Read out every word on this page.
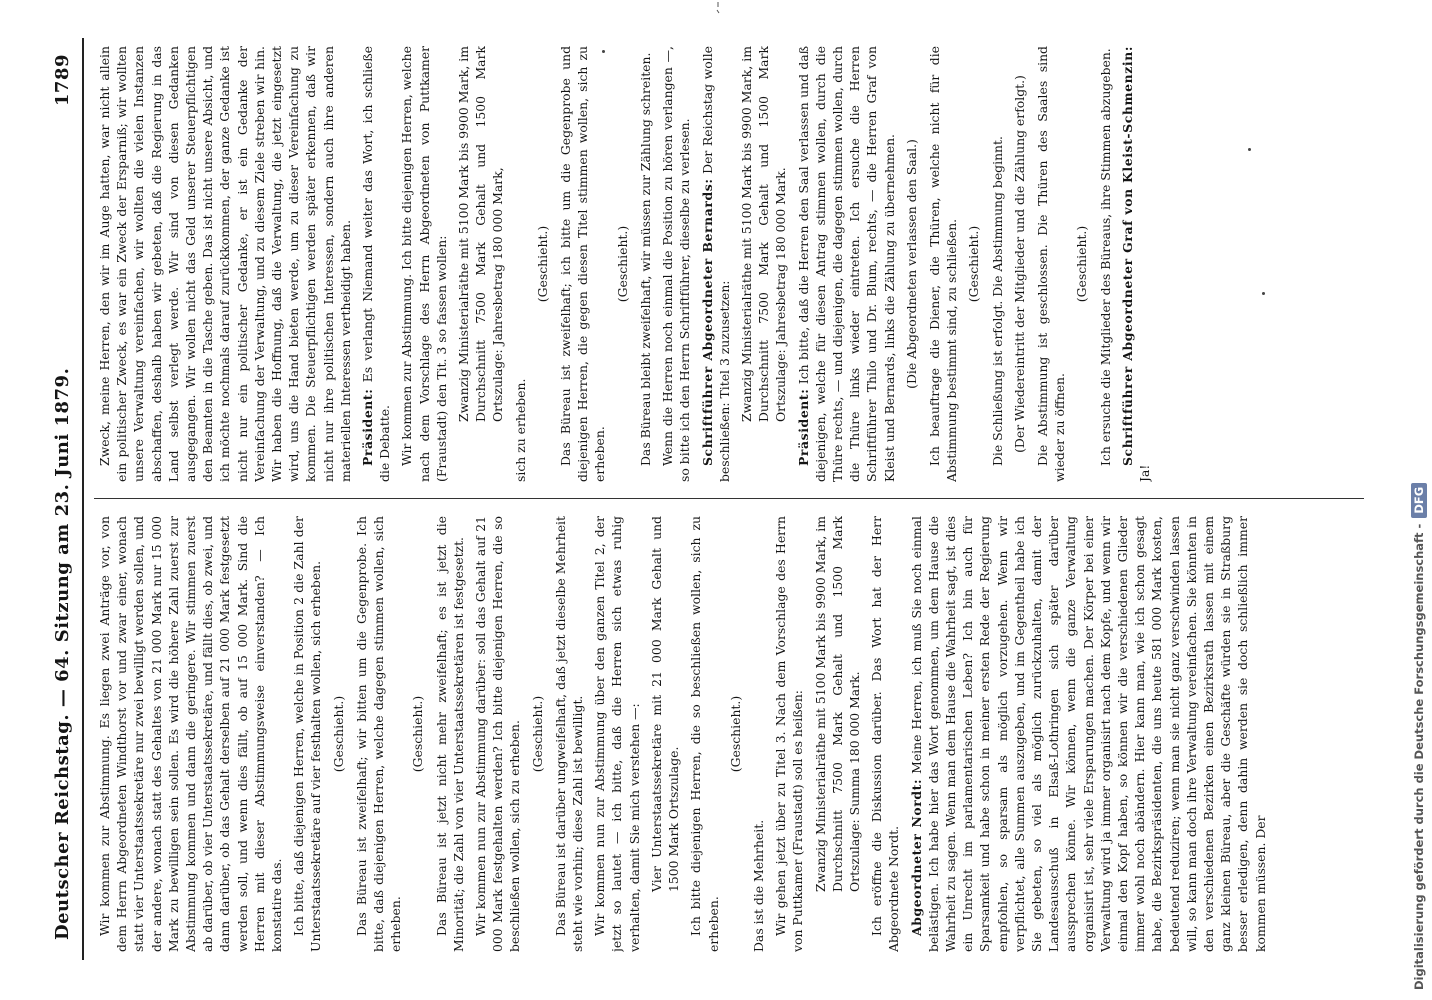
Deutscher Reichstag. — 64. Sitzung am 23. Juni 1879.
1789

Wir kommen zur Abstimmung. Es liegen zwei Anträge vor, von dem Herrn Abgeordneten Windthorst vor und zwar einer, wonach statt vier Unterstaatssekretäre nur zwei bewilligt werden sollen, und der andere, wonach statt des Gehaltes von 21 000 Mark nur 15 000 Mark zu bewilligen sein sollen. Es wird die höhere Zahl zuerst zur Abstimmung kommen und dann die geringere. Wir stimmen zuerst ab darüber, ob vier Unterstaatssekretäre, und fällt dies, ob zwei, und dann darüber, ob das Gehalt derselben auf 21 000 Mark festgesetzt werden soll, und wenn dies fällt, ob auf 15 000 Mark. Sind die Herren mit dieser Abstimmungsweise einverstanden? — Ich konstatire das. Ich bitte, daß diejenigen Herren, welche in Position 2 die Zahl der Unterstaatssekretäre auf vier festhalten wollen, sich erheben. (Geschieht.) Das Büreau ist zweifelhaft; wir bitten um die Gegenprobe. Ich bitte, daß diejenigen Herren, welche dagegen stimmen wollen, sich erheben.

(Geschieht.) Das Büreau ist jetzt nicht mehr zweifelhaft; es ist jetzt die Minorität; die Zahl von vier Unterstaatssekretären ist festgesetzt. Wir kommen nun zur Abstimmung darüber: soll das Gehalt auf 21 000 Mark festgehalten werden? Ich bitte diejenigen Herren, die so beschließen wollen, sich zu erheben. (Geschieht.) Das Büreau ist darüber ungweifelhaft, daß jetzt dieselbe Mehrheit steht wie vorhin; diese Zahl ist bewilligt. Wir kommen nun zur Abstimmung über den ganzen Titel 2, der jetzt so lautet — ich bitte, daß die Herren sich etwas ruhig verhalten, damit Sie mich verstehen —: Vier Unterstaatssekretäre mit 21 000 Mark Gehalt und 1500 Mark Ortszulage. Ich bitte diejenigen Herren, die so beschließen wollen, sich zu erheben.

(Geschieht.)

Das ist die Mehrheit. Wir gehen jetzt über zu Titel 3. Nach dem Vorschlage des Herrn von Puttkamer (Fraustadt) soll es heißen: Zwanzig Ministerialräthe mit 5100 Mark bis 9900 Mark, im Durchschnitt 7500 Mark Gehalt und 1500 Mark Ortszulage: Summa 180 000 Mark. Ich eröffne die Diskussion darüber. Das Wort hat der Herr Abgeordnete Nordt. Abgeordneter Nordt: Meine Herren, ich muß Sie noch einmal belästigen. Ich habe hier das Wort genommen, um dem Hause die Wahrheit zu sagen. Wenn man dem Hause die Wahrheit sagt, ist dies ein Unrecht im parlamentarischen Leben? Ich bin auch für Sparsamkeit und habe schon in meiner ersten Rede der Regierung empfohlen, so sparsam als möglich vorzugehen. Wenn wir verpflichtet, alle Summen auszugeben, und im Gegentheil habe ich Sie gebeten, so viel als möglich zurückzuhalten, damit der Landesausschuß in Elsaß-Lothringen sich später darüber aussprechen könne. Wir können, wenn die ganze Verwaltung organisirt ist, sehr viele Ersparungen machen. Der Körper bei einer Verwaltung wird ja immer organisirt nach dem Kopfe, und wenn wir einmal den Kopf haben, so können wir die verschiedenen Glieder immer wohl noch abändern. Hier kann man, wie ich schon gesagt habe, die Bezirkspräsidenten, die uns heute 581 000 Mark kosten, bedeutend reduziren; wenn man sie nicht ganz verschwinden lassen will, so kann man doch ihre Verwaltung vereinfachen. Sie könnten in den verschiedenen Bezirken einen Bezirksrath lassen mit einem ganz kleinen Büreau, aber die Geschäfte würden sie in Straßburg besser erledigen, denn dahin werden sie doch schließlich immer kommen müssen. Der

Zweck, meine Herren, den wir im Auge hatten, war nicht allein ein politischer Zweck, es war ein Zweck der Ersparniß; wir wollten unsere Verwaltung vereinfachen, wir wollten die vielen Instanzen abschaffen, deshalb haben wir gebeten, daß die Regierung in das Land selbst verlegt werde. Wir sind von diesen Gedanken ausgegangen. Wir wollen nicht das Geld unserer Steuerpflichtigen den Beamten in die Tasche geben. Das ist nicht unsere Absicht, und ich möchte nochmals darauf zurückkommen, der ganze Gedanke ist nicht nur ein politischer Gedanke, er ist ein Gedanke der Vereinfachung der Verwaltung, und zu diesem Ziele streben wir hin. Wir haben die Hoffnung, daß die Verwaltung, die jetzt eingesetzt wird, uns die Hand bieten werde, um zu dieser Vereinfachung zu kommen. Die Steuerpflichtigen werden später erkennen, daß wir nicht nur ihre politischen Interessen, sondern auch ihre anderen materiellen Interessen vertheidigt haben. Präsident: Es verlangt Niemand weiter das Wort, ich schließe die Debatte. Wir kommen zur Abstimmung. Ich bitte diejenigen Herren, welche nach dem Vorschlage des Herrn Abgeordneten von Puttkamer (Fraustadt) den Tit. 3 so fassen wollen: Zwanzig Ministerialräthe mit 5100 Mark bis 9900 Mark, im Durchschnitt 7500 Mark Gehalt und 1500 Mark Ortszulage: Jahresbetrag 180 000 Mark,

sich zu erheben.

(Geschieht.) Das Büreau ist zweifelhaft; ich bitte um die Gegenprobe und diejenigen Herren, die gegen diesen Titel stimmen wollen, sich zu erheben.

(Geschieht.) Das Büreau bleibt zweifelhaft, wir müssen zur Zählung schreiten. Wenn die Herren noch einmal die Position zu hören verlangen —, so bitte ich den Herrn Schriftführer, dieselbe zu verlesen. Schriftführer Abgeordneter Bernards: Der Reichstag wolle beschließen: Titel 3 zuzusetzen: Zwanzig Ministerialräthe mit 5100 Mark bis 9900 Mark, im Durchschnitt 7500 Mark Gehalt und 1500 Mark Ortszulage: Jahresbetrag 180 000 Mark.

Präsident: Ich bitte, daß die Herren den Saal verlassen und daß diejenigen, welche für diesen Antrag stimmen wollen, durch die Thüre rechts, — und diejenigen, die dagegen stimmen wollen, durch die Thüre links wieder eintreten. Ich ersuche die Herren Schriftführer Thilo und Dr. Blum, rechts, — die Herren Graf von Kleist und Bernards, links die Zählung zu übernehmen. (Die Abgeordneten verlassen den Saal.) Ich beauftrage die Diener, die Thüren, welche nicht für die Abstimmung bestimmt sind, zu schließen. (Geschieht.) Die Schließung ist erfolgt. Die Abstimmung beginnt. (Der Wiedereintritt der Mitglieder und die Zählung erfolgt.) Die Abstimmung ist geschlossen. Die Thüren des Saales sind wieder zu öffnen.

(Geschieht.) Ich ersuche die Mitglieder des Büreaus, ihre Stimmen abzugeben. Schriftführer Abgeordneter Graf von Kleist-Schmenzin: Ja!

Digitalisierung gefördert durch die Deutsche Forschungsgemeinschaft -DFG
